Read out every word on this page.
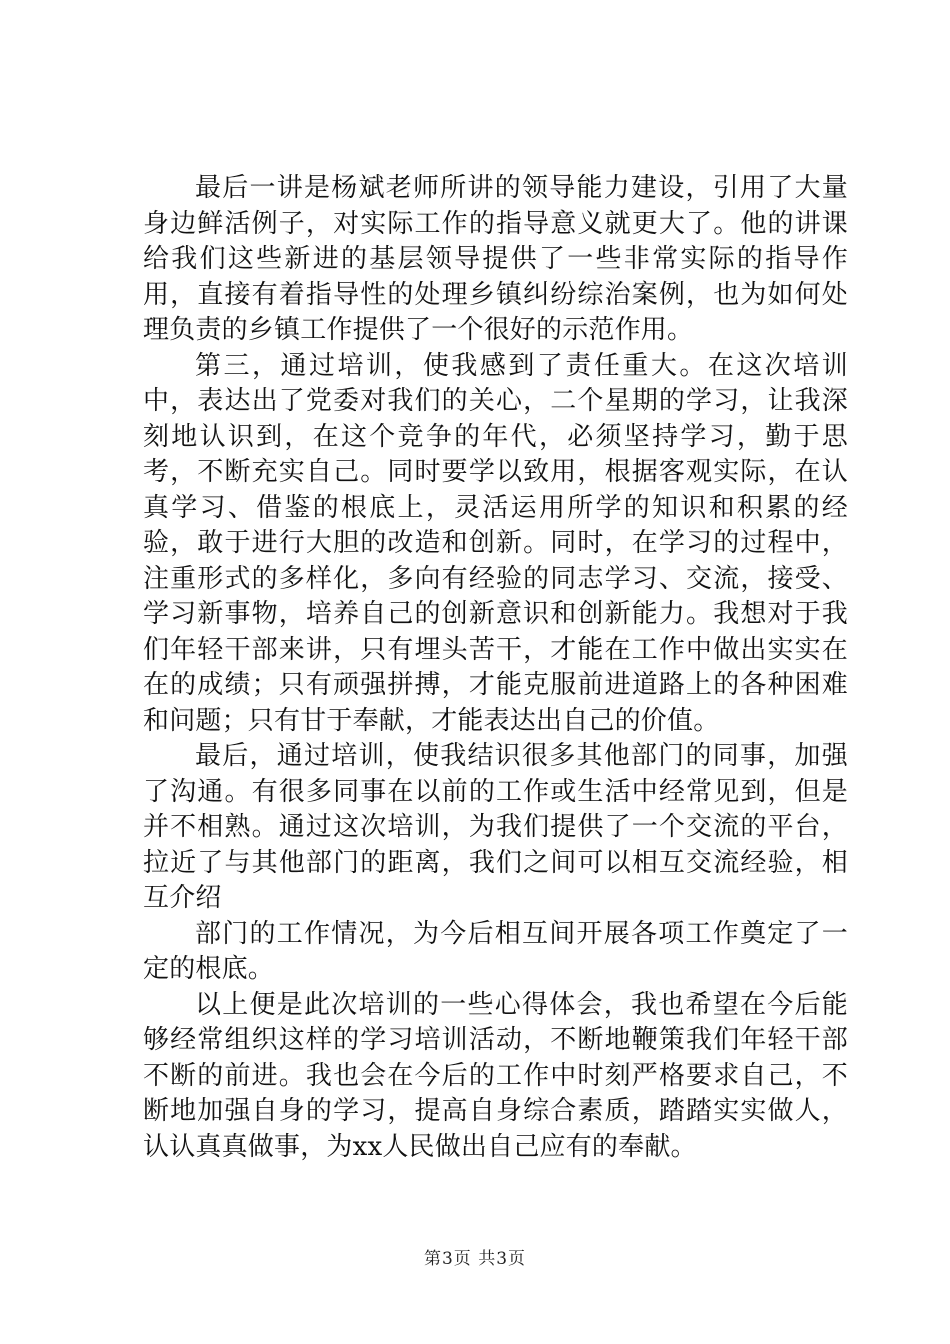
最后一讲是杨斌老师所讲的领导能力建设，引用了大量身边鲜活例子，对实际工作的指导意义就更大了。他的讲课给我们这些新进的基层领导提供了一些非常实际的指导作用，直接有着指导性的处理乡镇纠纷综治案例，也为如何处理负责的乡镇工作提供了一个很好的示范作用。

第三，通过培训，使我感到了责任重大。在这次培训中，表达出了党委对我们的关心，二个星期的学习，让我深刻地认识到，在这个竞争的年代，必须坚持学习，勤于思考，不断充实自己。同时要学以致用，根据客观实际，在认真学习、借鉴的根底上，灵活运用所学的知识和积累的经验，敢于进行大胆的改造和创新。同时，在学习的过程中，注重形式的多样化，多向有经验的同志学习、交流，接受、学习新事物，培养自己的创新意识和创新能力。我想对于我们年轻干部来讲，只有埋头苦干，才能在工作中做出实实在在的成绩；只有顽强拼搏，才能克服前进道路上的各种困难和问题；只有甘于奉献，才能表达出自己的价值。

最后，通过培训，使我结识很多其他部门的同事，加强了沟通。有很多同事在以前的工作或生活中经常见到，但是并不相熟。通过这次培训，为我们提供了一个交流的平台，拉近了与其他部门的距离，我们之间可以相互交流经验，相互介绍

部门的工作情况，为今后相互间开展各项工作奠定了一定的根底。

以上便是此次培训的一些心得体会，我也希望在今后能够经常组织这样的学习培训活动，不断地鞭策我们年轻干部不断的前进。我也会在今后的工作中时刻严格要求自己，不断地加强自身的学习，提高自身综合素质，踏踏实实做人，认认真真做事，为xx人民做出自己应有的奉献。

第3页 共3页
